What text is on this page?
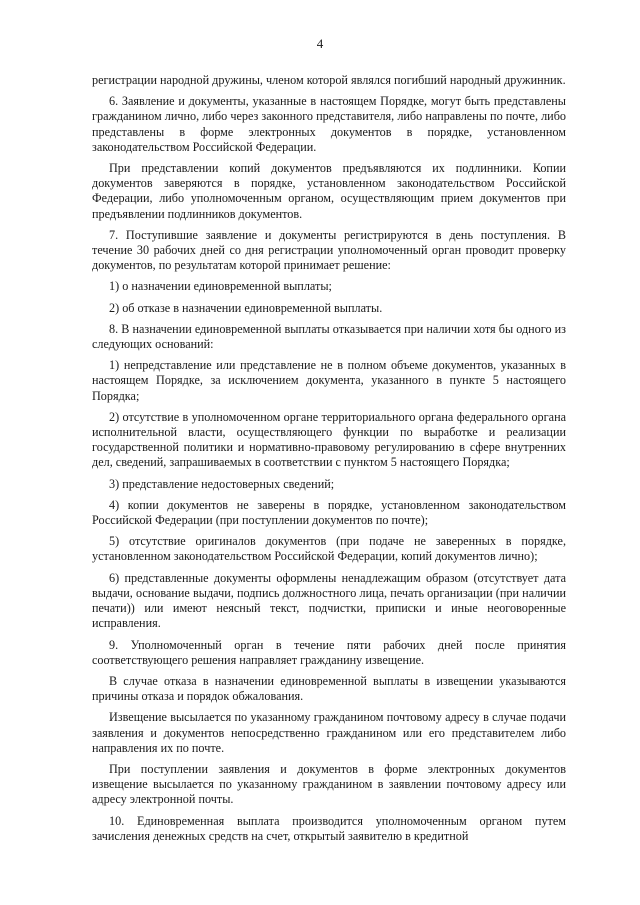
4

регистрации народной дружины, членом которой являлся погибший народный дружинник.

6. Заявление и документы, указанные в настоящем Порядке, могут быть представлены гражданином лично, либо через законного представителя, либо направлены по почте, либо представлены в форме электронных документов в порядке, установленном законодательством Российской Федерации.

При представлении копий документов предъявляются их подлинники. Копии документов заверяются в порядке, установленном законодательством Российской Федерации, либо уполномоченным органом, осуществляющим прием документов при предъявлении подлинников документов.

7. Поступившие заявление и документы регистрируются в день поступления. В течение 30 рабочих дней со дня регистрации уполномоченный орган проводит проверку документов, по результатам которой принимает решение:

1) о назначении единовременной выплаты;

2) об отказе в назначении единовременной выплаты.

8. В назначении единовременной выплаты отказывается при наличии хотя бы одного из следующих оснований:

1) непредставление или представление не в полном объеме документов, указанных в настоящем Порядке, за исключением документа, указанного в пункте 5 настоящего Порядка;

2) отсутствие в уполномоченном органе территориального органа федерального органа исполнительной власти, осуществляющего функции по выработке и реализации государственной политики и нормативно-правовому регулированию в сфере внутренних дел, сведений, запрашиваемых в соответствии с пунктом 5 настоящего Порядка;

3) представление недостоверных сведений;

4) копии документов не заверены в порядке, установленном законодательством Российской Федерации (при поступлении документов по почте);

5) отсутствие оригиналов документов (при подаче не заверенных в порядке, установленном законодательством Российской Федерации, копий документов лично);

6) представленные документы оформлены ненадлежащим образом (отсутствует дата выдачи, основание выдачи, подпись должностного лица, печать организации (при наличии печати)) или имеют неясный текст, подчистки, приписки и иные неоговоренные исправления.

9. Уполномоченный орган в течение пяти рабочих дней после принятия соответствующего решения направляет гражданину извещение.

В случае отказа в назначении единовременной выплаты в извещении указываются причины отказа и порядок обжалования.

Извещение высылается по указанному гражданином почтовому адресу в случае подачи заявления и документов непосредственно гражданином или его представителем либо направления их по почте.

При поступлении заявления и документов в форме электронных документов извещение высылается по указанному гражданином в заявлении почтовому адресу или адресу электронной почты.

10. Единовременная выплата производится уполномоченным органом путем зачисления денежных средств на счет, открытый заявителю в кредитной
